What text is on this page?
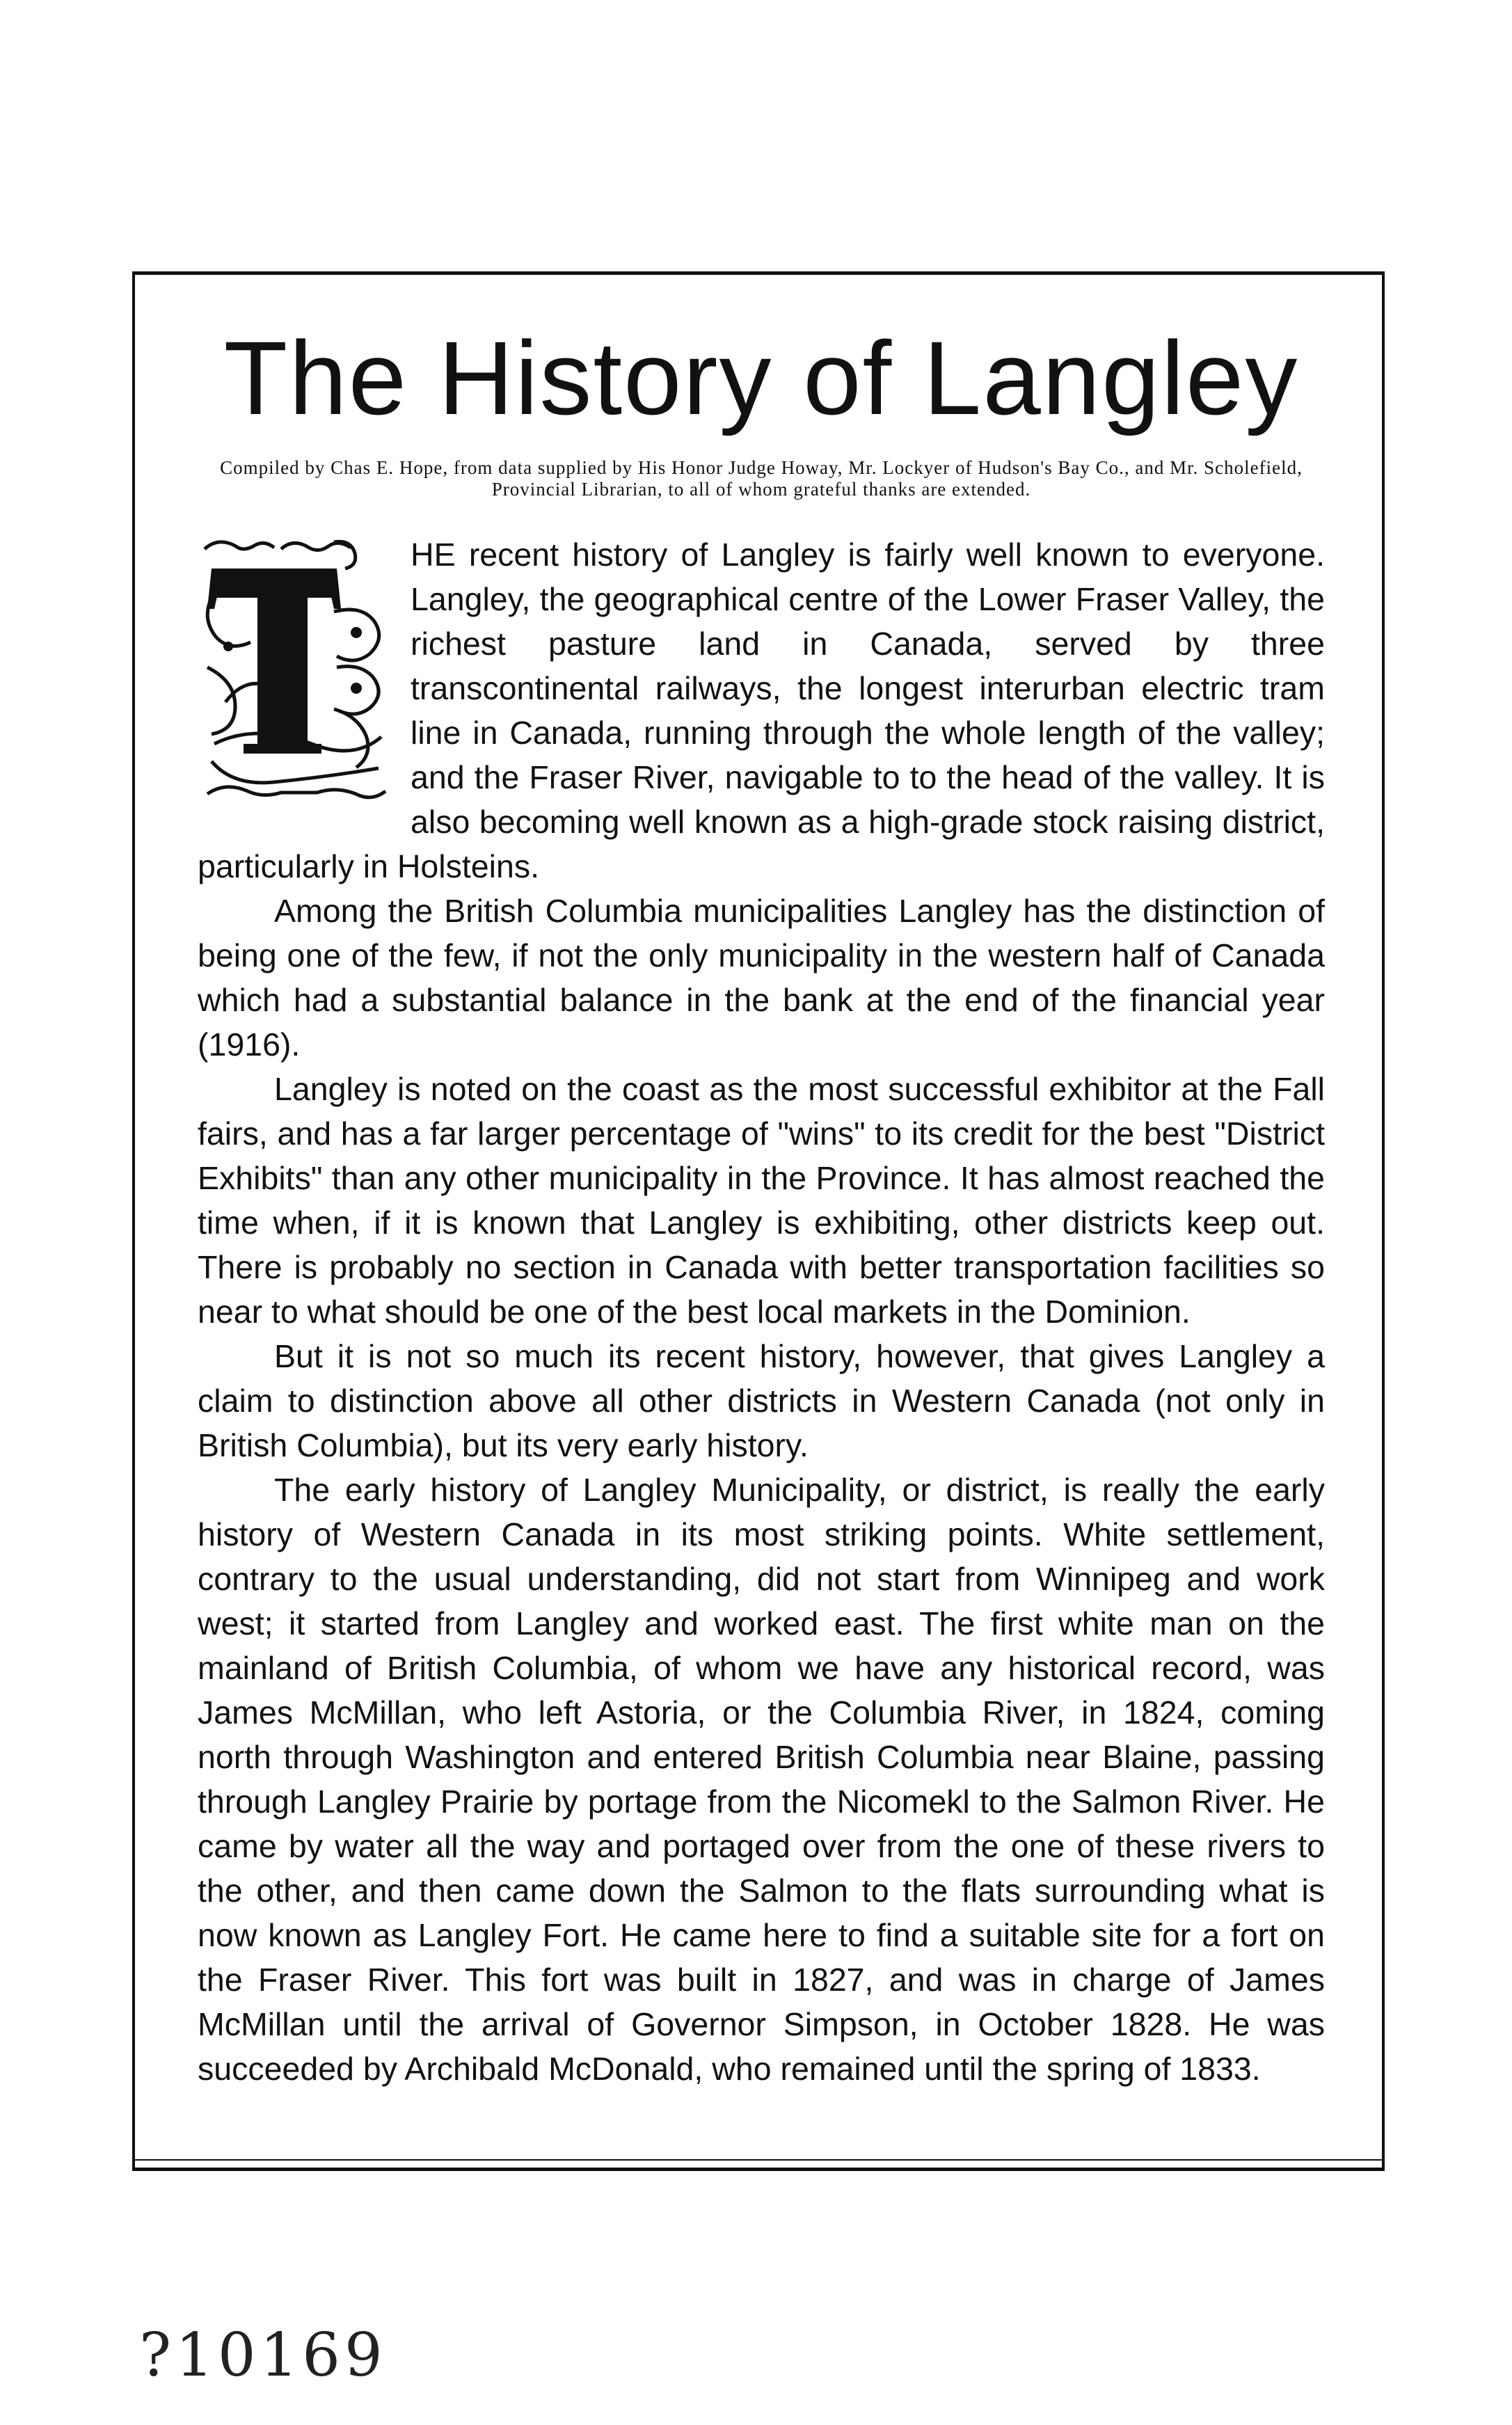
The History of Langley
Compiled by Chas E. Hope, from data supplied by His Honor Judge Howay, Mr. Lockyer of Hudson's Bay Co., and Mr. Scholefield, Provincial Librarian, to all of whom grateful thanks are extended.

HE recent history of Langley is fairly well known to everyone. Langley, the geographical centre of the Lower Fraser Valley, the richest pasture land in Canada, served by three transcontinental railways, the longest interurban electric tram line in Canada, running through the whole length of the valley; and the Fraser River, navigable to to the head of the valley. It is also becoming well known as a high-grade stock raising district, particularly in Holsteins.

Among the British Columbia municipalities Langley has the distinction of being one of the few, if not the only municipality in the western half of Canada which had a substantial balance in the bank at the end of the financial year (1916).

Langley is noted on the coast as the most successful exhibitor at the Fall fairs, and has a far larger percentage of "wins" to its credit for the best "District Exhibits" than any other municipality in the Province. It has almost reached the time when, if it is known that Langley is exhibiting, other districts keep out. There is probably no section in Canada with better transportation facilities so near to what should be one of the best local markets in the Dominion.

But it is not so much its recent history, however, that gives Langley a claim to distinction above all other districts in Western Canada (not only in British Columbia), but its very early history.

The early history of Langley Municipality, or district, is really the early history of Western Canada in its most striking points. White settlement, contrary to the usual understanding, did not start from Winnipeg and work west; it started from Langley and worked east. The first white man on the mainland of British Columbia, of whom we have any historical record, was James McMillan, who left Astoria, or the Columbia River, in 1824, coming north through Washington and entered British Columbia near Blaine, passing through Langley Prairie by portage from the Nicomekl to the Salmon River. He came by water all the way and portaged over from the one of these rivers to the other, and then came down the Salmon to the flats surrounding what is now known as Langley Fort. He came here to find a suitable site for a fort on the Fraser River. This fort was built in 1827, and was in charge of James McMillan until the arrival of Governor Simpson, in October 1828. He was succeeded by Archibald McDonald, who remained until the spring of 1833.

?10169
